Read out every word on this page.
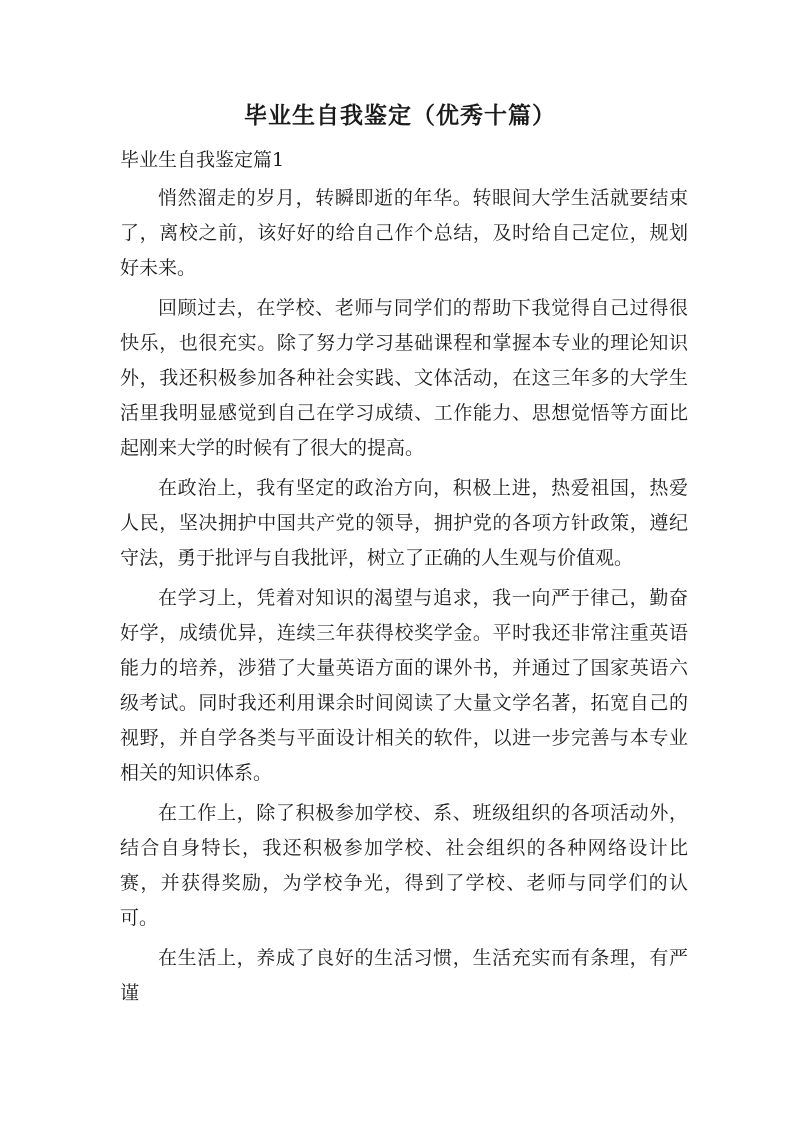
毕业生自我鉴定（优秀十篇）
毕业生自我鉴定篇1

悄然溜走的岁月，转瞬即逝的年华。转眼间大学生活就要结束了，离校之前，该好好的给自己作个总结，及时给自己定位，规划好未来。

回顾过去，在学校、老师与同学们的帮助下我觉得自己过得很快乐，也很充实。除了努力学习基础课程和掌握本专业的理论知识外，我还积极参加各种社会实践、文体活动，在这三年多的大学生活里我明显感觉到自己在学习成绩、工作能力、思想觉悟等方面比起刚来大学的时候有了很大的提高。

在政治上，我有坚定的政治方向，积极上进，热爱祖国，热爱人民，坚决拥护中国共产党的领导，拥护党的各项方针政策，遵纪守法，勇于批评与自我批评，树立了正确的人生观与价值观。

在学习上，凭着对知识的渴望与追求，我一向严于律己，勤奋好学，成绩优异，连续三年获得校奖学金。平时我还非常注重英语能力的培养，涉猎了大量英语方面的课外书，并通过了国家英语六级考试。同时我还利用课余时间阅读了大量文学名著，拓宽自己的视野，并自学各类与平面设计相关的软件，以进一步完善与本专业相关的知识体系。

在工作上，除了积极参加学校、系、班级组织的各项活动外，结合自身特长，我还积极参加学校、社会组织的各种网络设计比赛，并获得奖励，为学校争光，得到了学校、老师与同学们的认可。

在生活上，养成了良好的生活习惯，生活充实而有条理，有严谨
